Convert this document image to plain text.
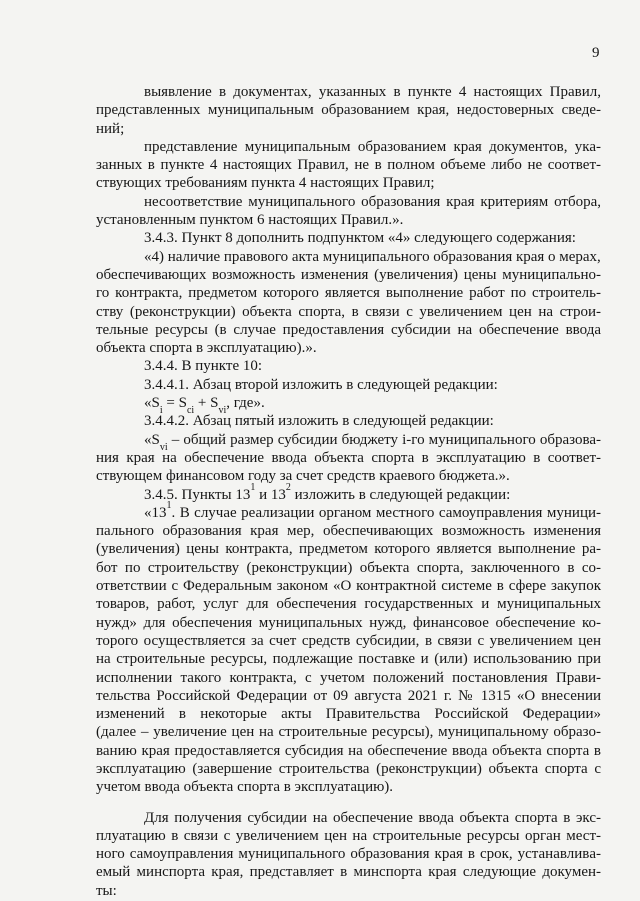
9
выявление в документах, указанных в пункте 4 настоящих Правил,
представленных муниципальным образованием края, недостоверных сведе-
ний;
представление муниципальным образованием края документов, ука-
занных в пункте 4 настоящих Правил, не в полном объеме либо не соответ-
ствующих требованиям пункта 4 настоящих Правил;
несоответствие муниципального образования края критериям отбора,
установленным пунктом 6 настоящих Правил.».
3.4.3. Пункт 8 дополнить подпунктом «4» следующего содержания:
«4) наличие правового акта муниципального образования края о мерах,
обеспечивающих возможность изменения (увеличения) цены муниципально-
го контракта, предметом которого является выполнение работ по строитель-
ству (реконструкции) объекта спорта, в связи с увеличением цен на строи-
тельные ресурсы (в случае предоставления субсидии на обеспечение ввода
объекта спорта в эксплуатацию).».
3.4.4. В пункте 10:
3.4.4.1. Абзац второй изложить в следующей редакции:
«$S_i = S_{ci} + S_{vi}$, где».
3.4.4.2. Абзац пятый изложить в следующей редакции:
«$S_{vi}$ – общий размер субсидии бюджету i-го муниципального образова-
ния края на обеспечение ввода объекта спорта в эксплуатацию в соответ-
ствующем финансовом году за счет средств краевого бюджета.».
3.4.5. Пункты $13^1$ и $13^2$ изложить в следующей редакции:
«$13^1$. В случае реализации органом местного самоуправления муници-
пального образования края мер, обеспечивающих возможность изменения
(увеличения) цены контракта, предметом которого является выполнение ра-
бот по строительству (реконструкции) объекта спорта, заключенного в со-
ответствии с Федеральным законом «О контрактной системе в сфере закупок
товаров, работ, услуг для обеспечения государственных и муниципальных
нужд» для обеспечения муниципальных нужд, финансовое обеспечение ко-
торого осуществляется за счет средств субсидии, в связи с увеличением цен
на строительные ресурсы, подлежащие поставке и (или) использованию при
исполнении такого контракта, с учетом положений постановления Прави-
тельства Российской Федерации от 09 августа 2021 г. № 1315 «О внесении
изменений в некоторые акты Правительства Российской Федерации»
(далее – увеличение цен на строительные ресурсы), муниципальному образо-
ванию края предоставляется субсидия на обеспечение ввода объекта спорта в
эксплуатацию (завершение строительства (реконструкции) объекта спорта с
учетом ввода объекта спорта в эксплуатацию).
Для получения субсидии на обеспечение ввода объекта спорта в экс-
плуатацию в связи с увеличением цен на строительные ресурсы орган мест-
ного самоуправления муниципального образования края в срок, устанавливa-
емый минспорта края, представляет в минспорта края следующие докумен-
ты:
